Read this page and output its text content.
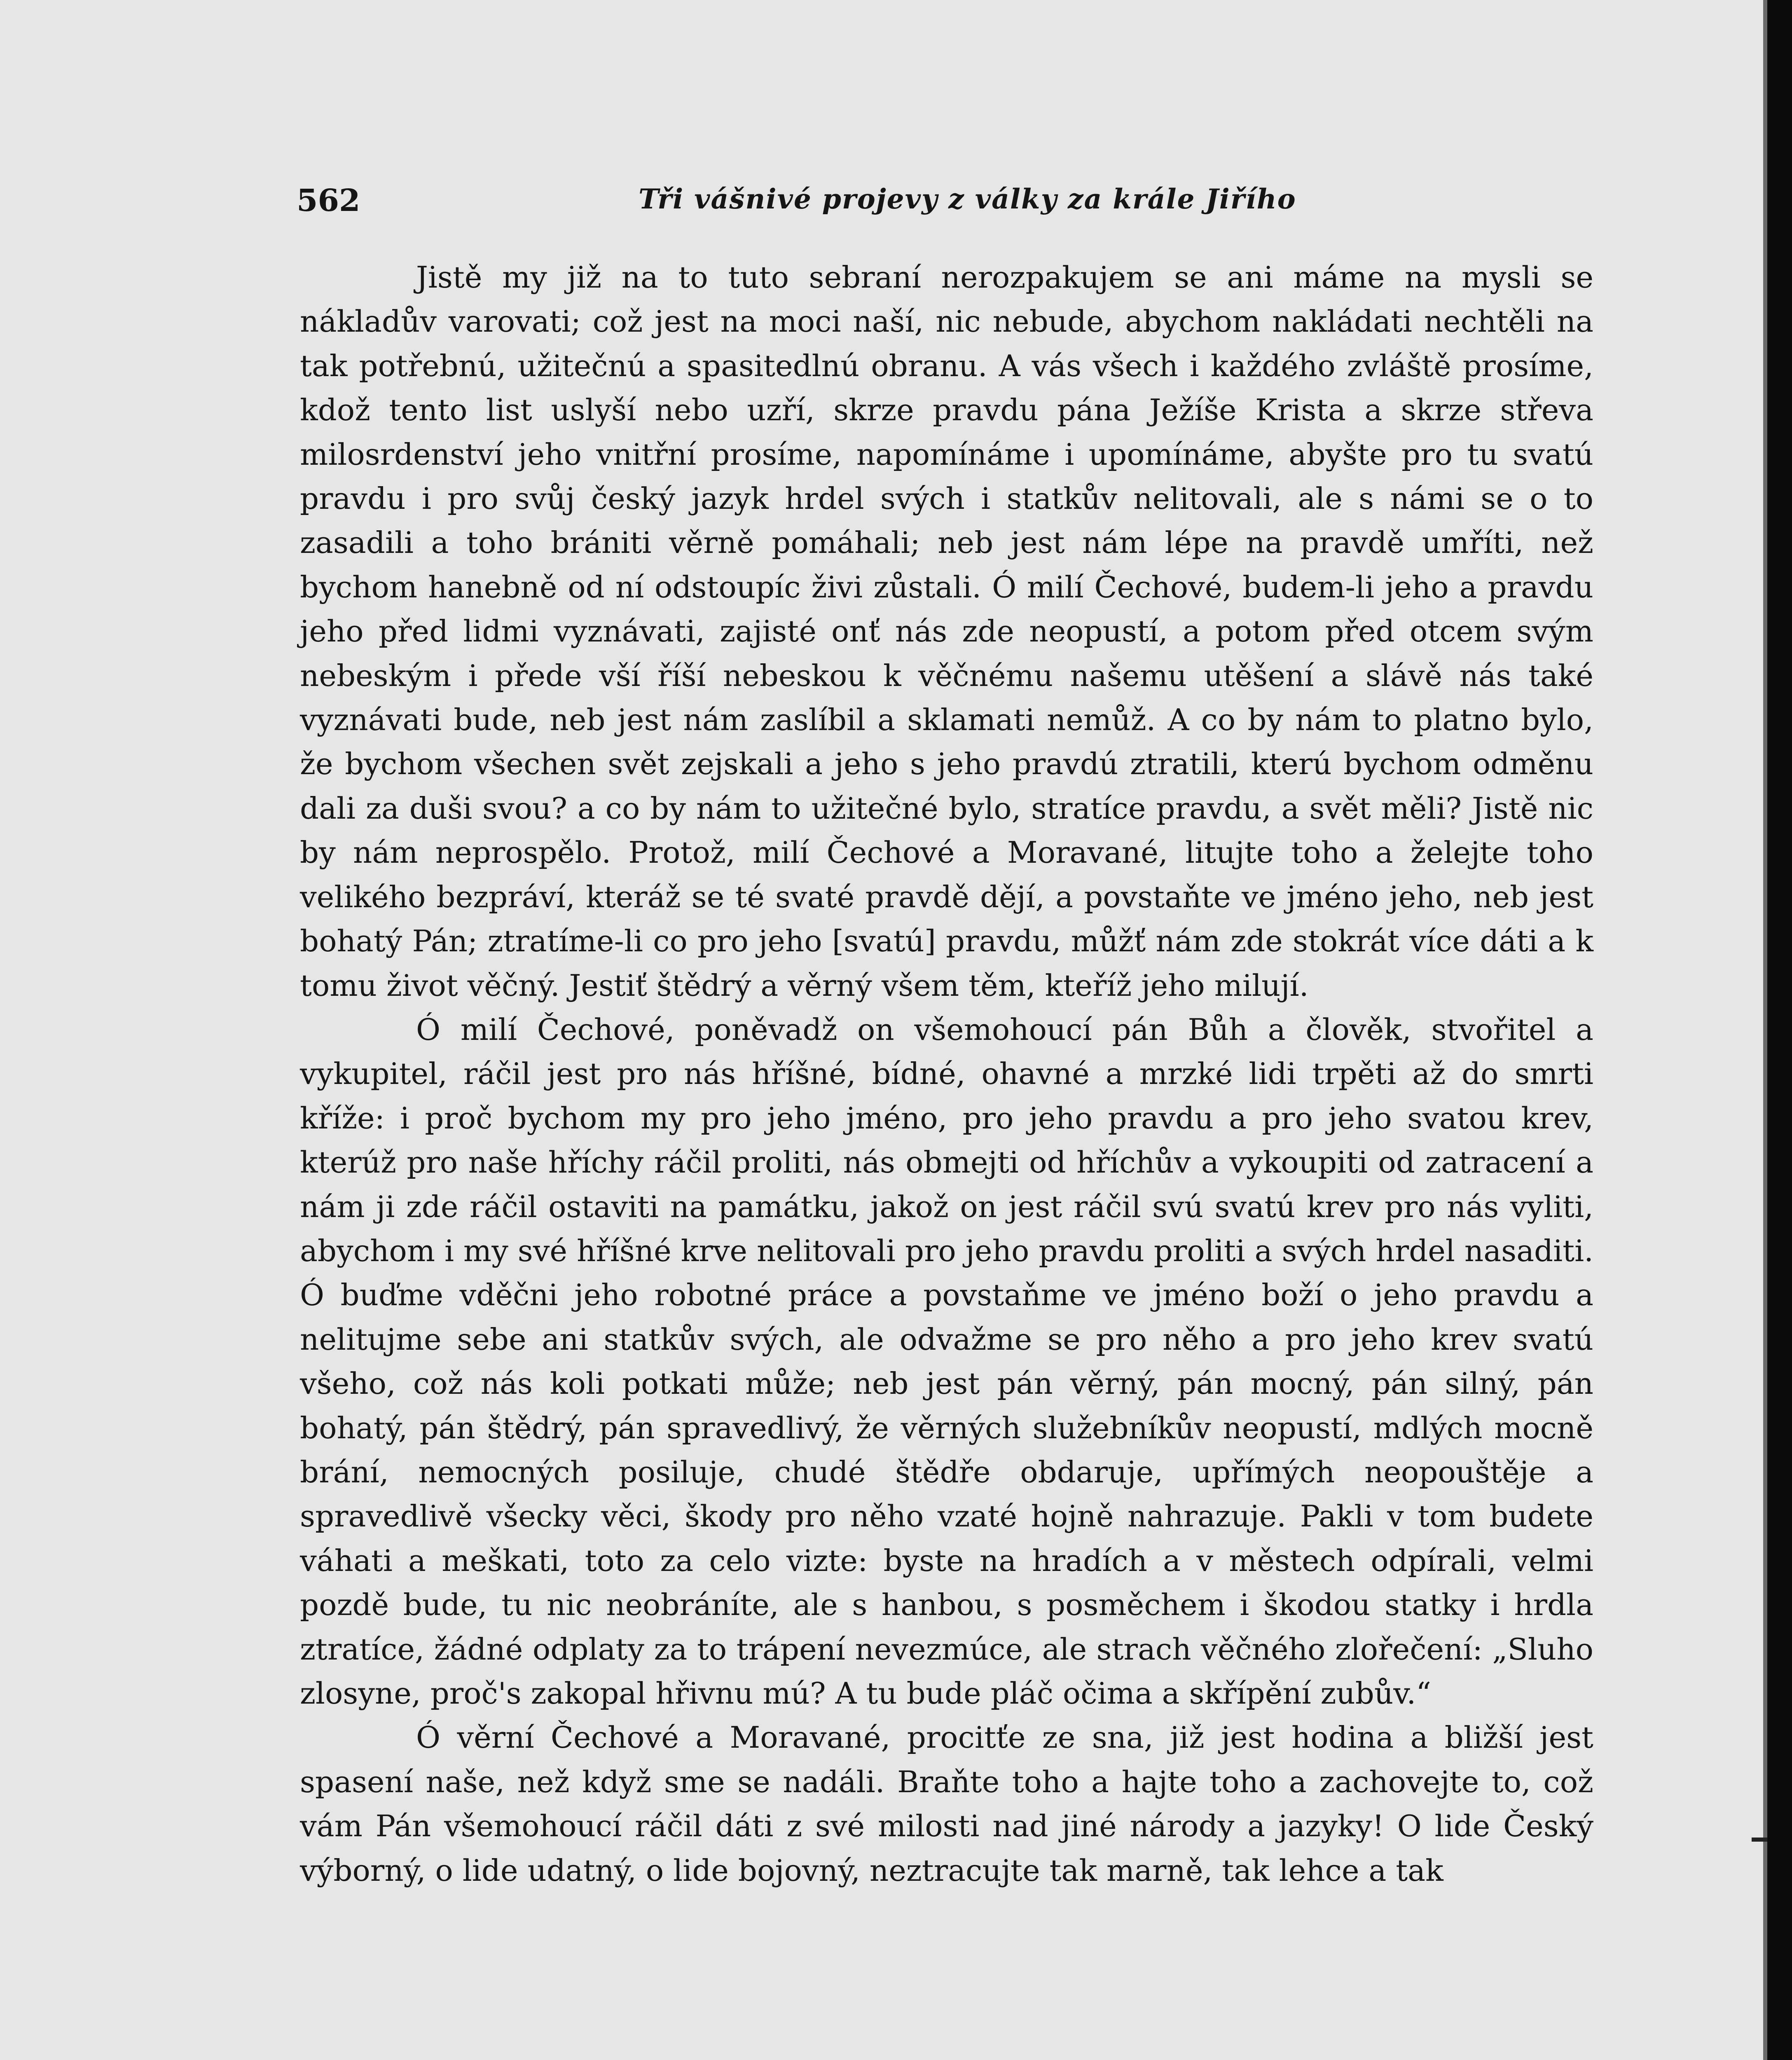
562	Tři vášnivé projevy z války za krále Jiřího

Jistě my již na to tuto sebraní nerozpakujem se ani máme na mysli se nákladův varovati; což jest na moci naší, nic nebude, abychom nakládati nechtěli na tak potřebnú, užitečnú a spasitedlnú obranu. A vás všech i každého zvláště prosíme, kdož tento list uslyší nebo uzří, skrze pravdu pána Ježíše Krista a skrze střeva milosrdenství jeho vnitřní prosíme, napomínáme i upomínáme, abyšte pro tu svatú pravdu i pro svůj český jazyk hrdel svých i statkův nelitovali, ale s námi se o to zasadili a toho brániti věrně pomáhali; neb jest nám lépe na pravdě umříti, než bychom hanebně od ní odstoupíc živi zůstali. Ó milí Čechové, budem-li jeho a pravdu jeho před lidmi vyznávati, zajisté onť nás zde neopustí, a potom před otcem svým nebeským i přede vší říší nebeskou k věčnému našemu utěšení a slávě nás také vyznávati bude, neb jest nám zaslíbil a sklamati nemůž. A co by nám to platno bylo, že bychom všechen svět zejskali a jeho s jeho pravdú ztratili, kterú bychom odměnu dali za duši svou? a co by nám to užitečné bylo, stratíce pravdu, a svět měli? Jistě nic by nám neprospělo. Protož, milí Čechové a Moravané, litujte toho a želejte toho velikého bezpráví, kteráž se té svaté pravdě dějí, a povstaňte ve jméno jeho, neb jest bohatý Pán; ztratíme-li co pro jeho [svatú] pravdu, můžť nám zde stokrát více dáti a k tomu život věčný. Jestiť štědrý a věrný všem těm, kteříž jeho milují.

Ó milí Čechové, poněvadž on všemohoucí pán Bůh a člověk, stvořitel a vykupitel, ráčil jest pro nás hříšné, bídné, ohavné a mrzké lidi trpěti až do smrti kříže: i proč bychom my pro jeho jméno, pro jeho pravdu a pro jeho svatou krev, kterúž pro naše hříchy ráčil proliti, nás obmejti od hříchův a vykoupiti od zatracení a nám ji zde ráčil ostaviti na památku, jakož on jest ráčil svú svatú krev pro nás vyliti, abychom i my své hříšné krve nelitovali pro jeho pravdu proliti a svých hrdel nasaditi. Ó buďme vděčni jeho robotné práce a povstaňme ve jméno boží o jeho pravdu a nelitujme sebe ani statkův svých, ale odvažme se pro něho a pro jeho krev svatú všeho, což nás koli potkati může; neb jest pán věrný, pán mocný, pán silný, pán bohatý, pán štědrý, pán spravedlivý, že věrných služebníkův neopustí, mdlých mocně brání, nemocných posiluje, chudé štědře obdaruje, upřímých neopouštěje a spravedlivě všecky věci, škody pro něho vzaté hojně nahrazuje. Pakli v tom budete váhati a meškati, toto za celo vizte: byste na hradích a v městech odpírali, velmi pozdě bude, tu nic neobráníte, ale s hanbou, s posměchem i škodou statky i hrdla ztratíce, žádné odplaty za to trápení nevezmúce, ale strach věčného zlořečení: „Sluho zlosyne, proč's zakopal hřivnu mú? A tu bude pláč očima a skřípění zubův.“

Ó věrní Čechové a Moravané, procitťe ze sna, již jest hodina a bližší jest spasení naše, než když sme se nadáli. Braňte toho a hajte toho a zachovejte to, což vám Pán všemohoucí ráčil dáti z své milosti nad jiné národy a jazyky! O lide Český výborný, o lide udatný, o lide bojovný, neztracujte tak marně, tak lehce a tak
